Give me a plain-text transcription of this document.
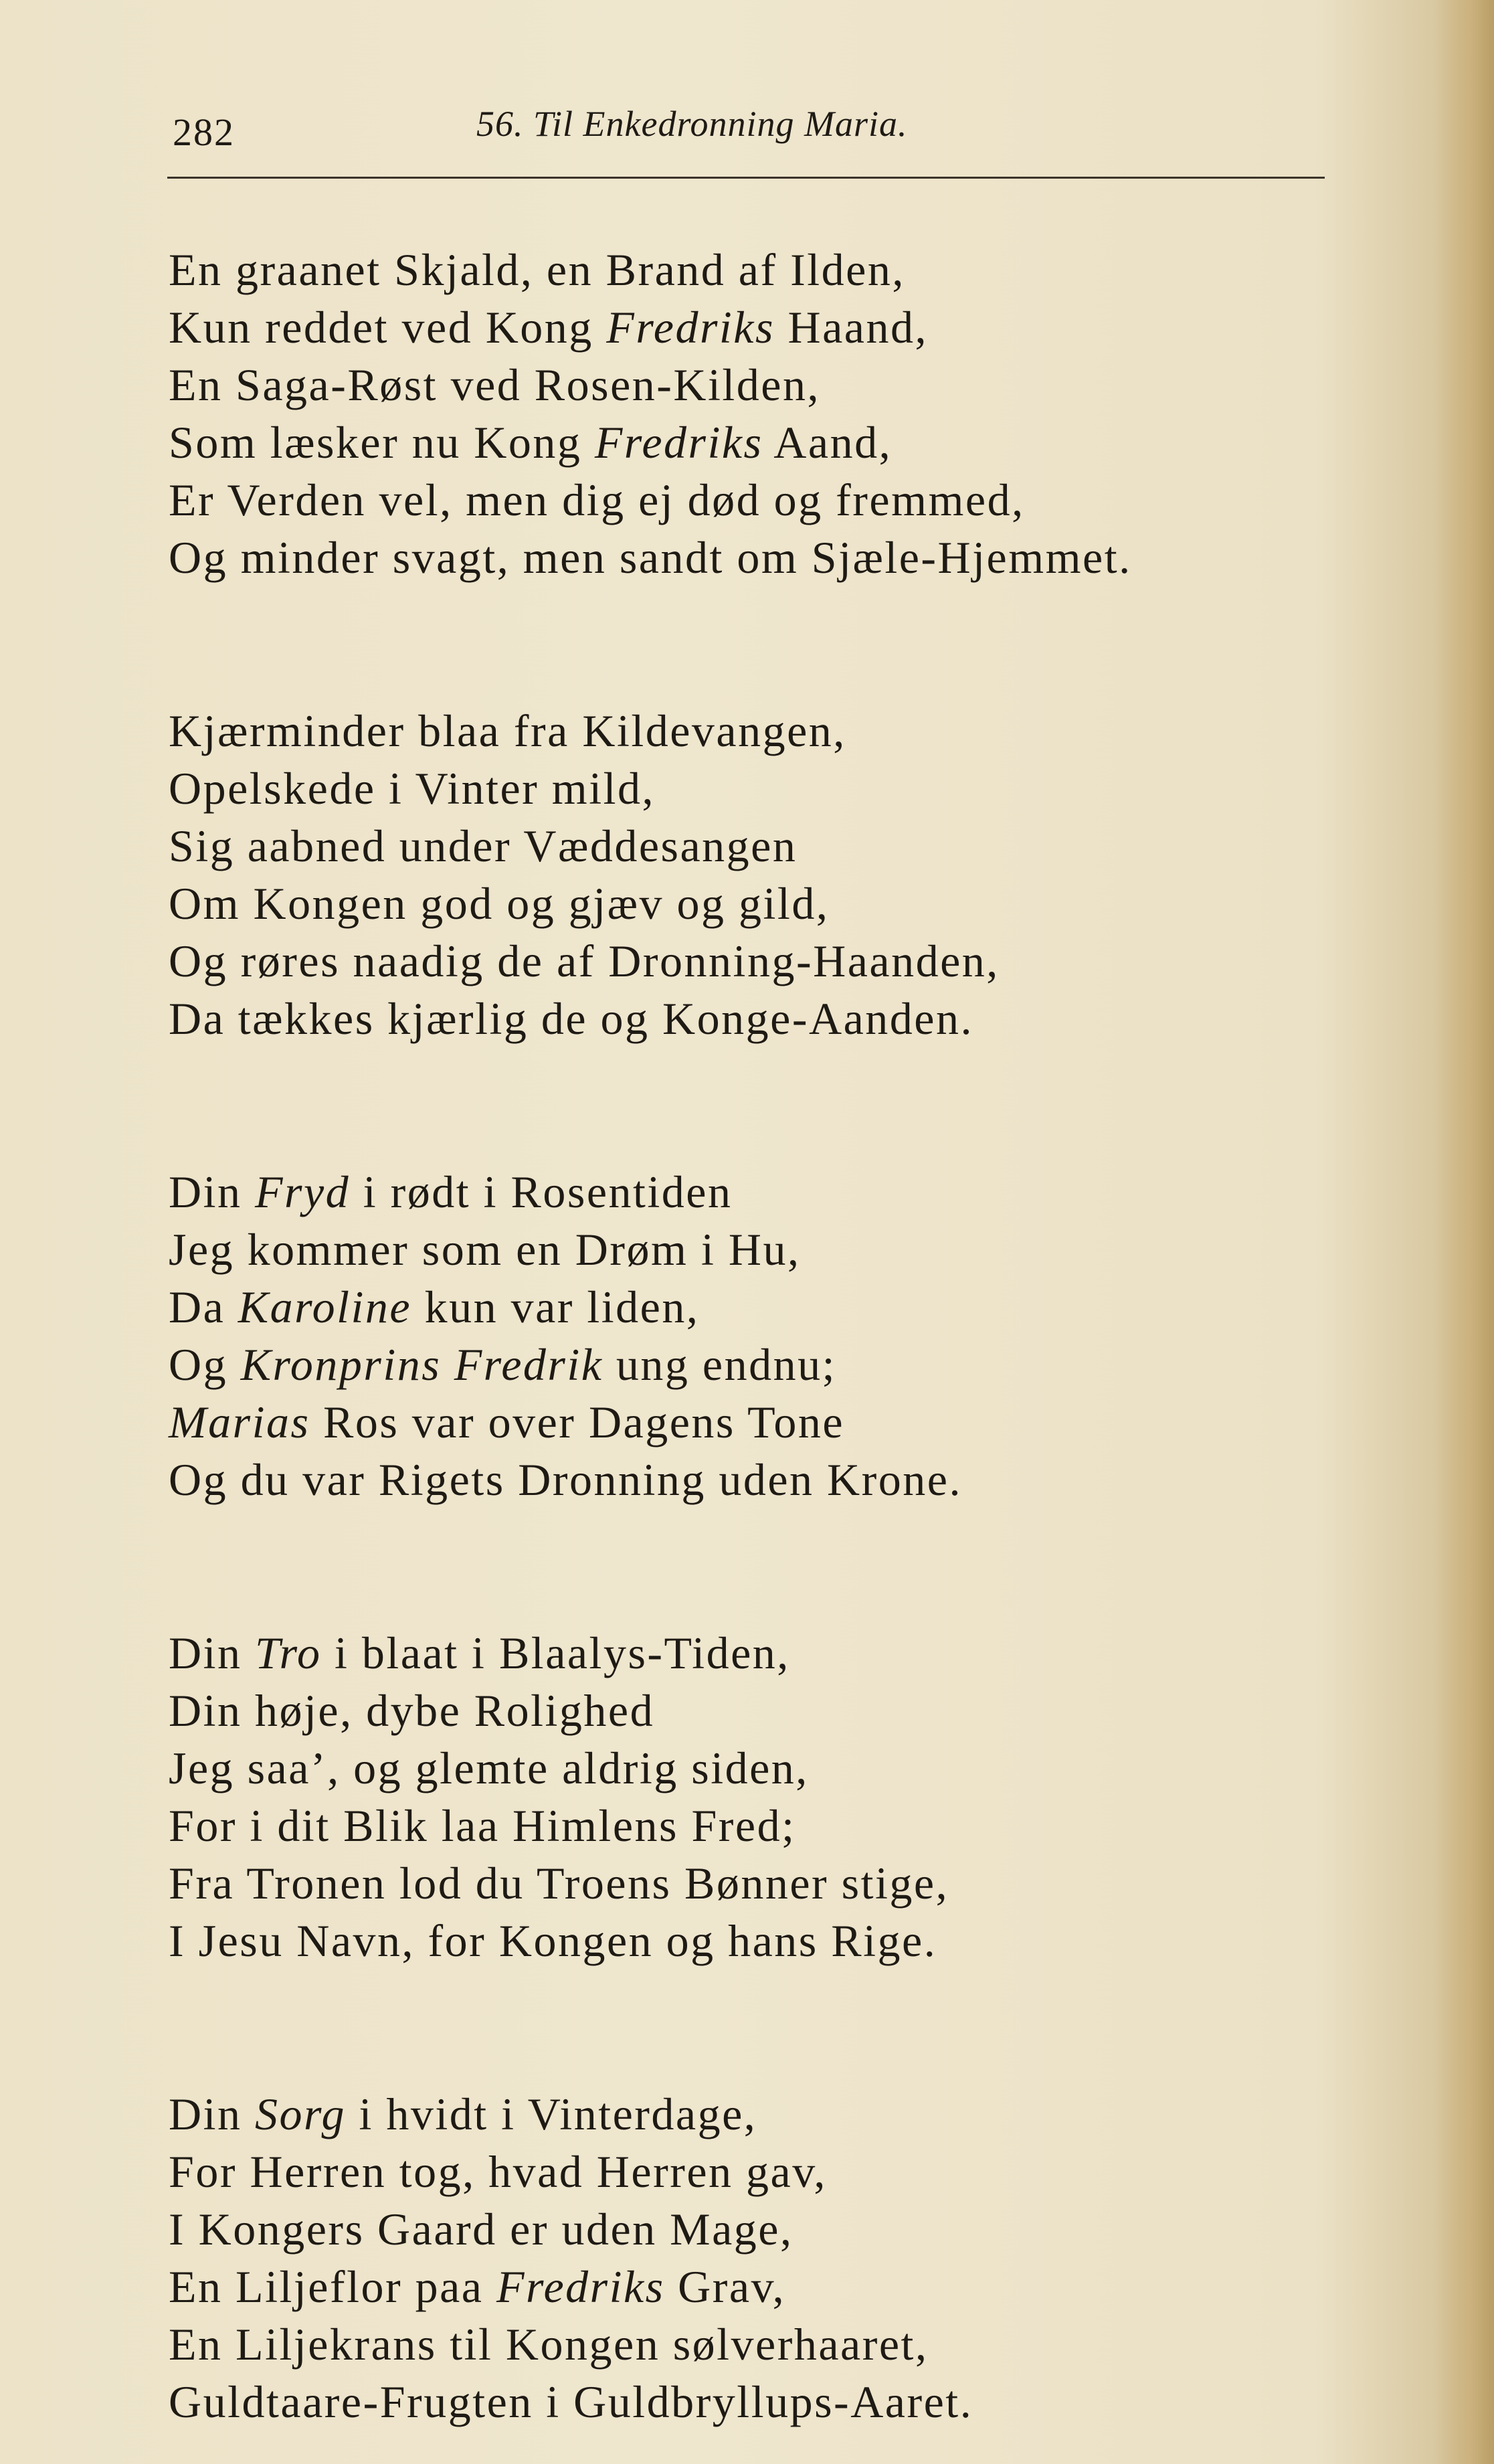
282	56. Til Enkedronning Maria.
En graanet Skjald, en Brand af Ilden,
Kun reddet ved Kong Fredriks Haand,
En Saga-Røst ved Rosen-Kilden,
Som læsker nu Kong Fredriks Aand,
Er Verden vel, men dig ej død og fremmed,
Og minder svagt, men sandt om Sjæle-Hjemmet.
Kjærminder blaa fra Kildevangen,
Opelskede i Vinter mild,
Sig aabned under Væddesangen
Om Kongen god og gjæv og gild,
Og røres naadig de af Dronning-Haanden,
Da tækkes kjærlig de og Konge-Aanden.
Din Fryd i rødt i Rosentiden
Jeg kommer som en Drøm i Hu,
Da Karoline kun var liden,
Og Kronprins Fredrik ung endnu;
Marias Ros var over Dagens Tone
Og du var Rigets Dronning uden Krone.
Din Tro i blaat i Blaalys-Tiden,
Din høje, dybe Rolighed
Jeg saa’, og glemte aldrig siden,
For i dit Blik laa Himlens Fred;
Fra Tronen lod du Troens Bønner stige,
I Jesu Navn, for Kongen og hans Rige.
Din Sorg i hvidt i Vinterdage,
For Herren tog, hvad Herren gav,
I Kongers Gaard er uden Mage,
En Liljeflor paa Fredriks Grav,
En Liljekrans til Kongen sølverhaaret,
Guldtaare-Frugten i Guldbryllups-Aaret.
